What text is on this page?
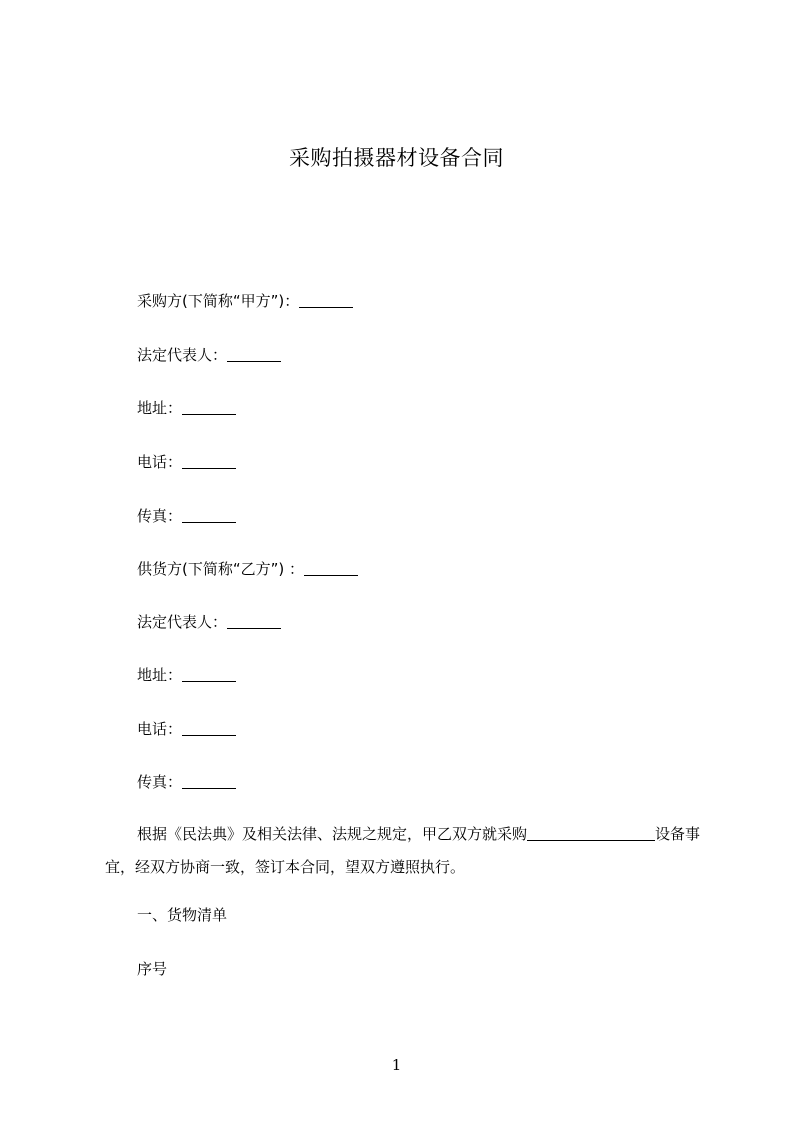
采购拍摄器材设备合同
采购方(下简称“甲方”)：
法定代表人：
地址：
电话：
传真：
供货方(下简称“乙方”) ：
法定代表人：
地址：
电话：
传真：
根据《民法典》及相关法律、法规之规定，甲乙双方就采购	设备事宜，经双方协商一致，签订本合同，望双方遵照执行。
一、货物清单
序号
1
